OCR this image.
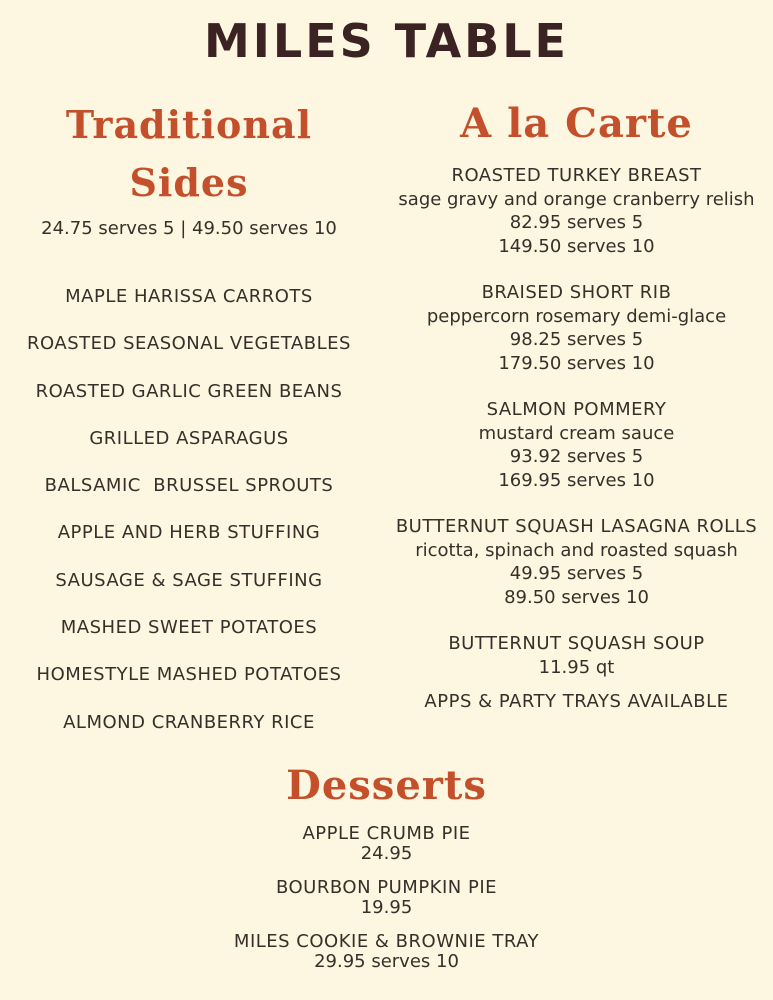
MILES TABLE
Traditional
Sides
24.75 serves 5 | 49.50 serves 10
MAPLE HARISSA CARROTS
ROASTED SEASONAL VEGETABLES
ROASTED GARLIC GREEN BEANS
GRILLED ASPARAGUS
BALSAMIC  BRUSSEL SPROUTS
APPLE AND HERB STUFFING
SAUSAGE & SAGE STUFFING
MASHED SWEET POTATOES
HOMESTYLE MASHED POTATOES
ALMOND CRANBERRY RICE
A la Carte
ROASTED TURKEY BREAST
sage gravy and orange cranberry relish
82.95 serves 5
149.50 serves 10
BRAISED SHORT RIB
peppercorn rosemary demi-glace
98.25 serves 5
179.50 serves 10
SALMON POMMERY
mustard cream sauce
93.92 serves 5
169.95 serves 10
BUTTERNUT SQUASH LASAGNA ROLLS
ricotta, spinach and roasted squash
49.95 serves 5
89.50 serves 10
BUTTERNUT SQUASH SOUP
11.95 qt
APPS & PARTY TRAYS AVAILABLE
Desserts
APPLE CRUMB PIE
24.95
BOURBON PUMPKIN PIE
19.95
MILES COOKIE & BROWNIE TRAY
29.95 serves 10
